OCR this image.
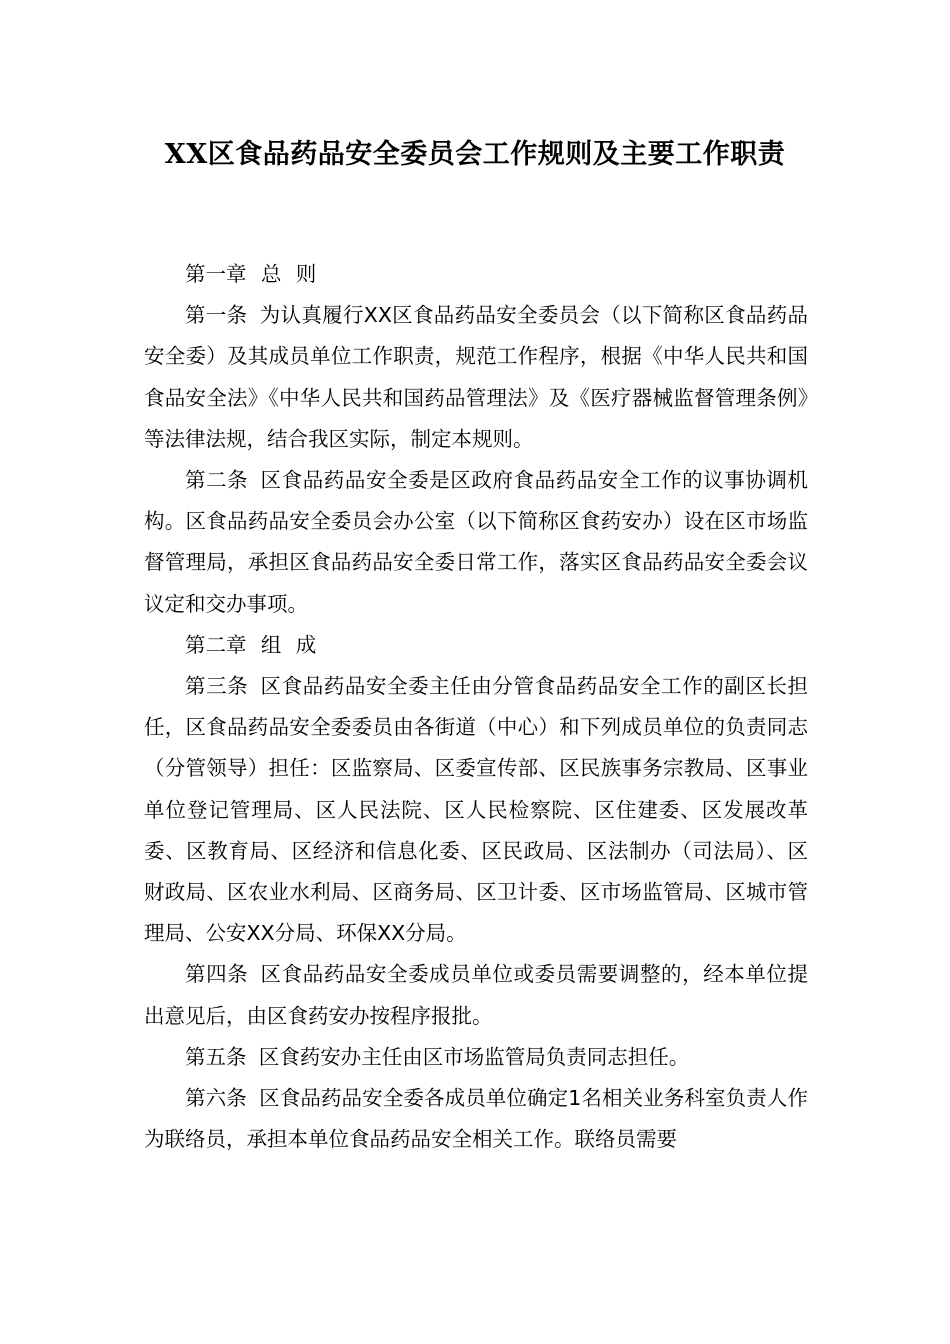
XX区食品药品安全委员会工作规则及主要工作职责

第一章 总 则

第一条 为认真履行XX区食品药品安全委员会（以下简称区食品药品安全委）及其成员单位工作职责，规范工作程序，根据《中华人民共和国食品安全法》《中华人民共和国药品管理法》及《医疗器械监督管理条例》等法律法规，结合我区实际，制定本规则。

第二条 区食品药品安全委是区政府食品药品安全工作的议事协调机构。区食品药品安全委员会办公室（以下简称区食药安办）设在区市场监督管理局，承担区食品药品安全委日常工作，落实区食品药品安全委会议议定和交办事项。

第二章 组 成

第三条 区食品药品安全委主任由分管食品药品安全工作的副区长担任，区食品药品安全委委员由各街道（中心）和下列成员单位的负责同志（分管领导）担任：区监察局、区委宣传部、区民族事务宗教局、区事业单位登记管理局、区人民法院、区人民检察院、区住建委、区发展改革委、区教育局、区经济和信息化委、区民政局、区法制办（司法局）、区财政局、区农业水利局、区商务局、区卫计委、区市场监管局、区城市管理局、公安XX分局、环保XX分局。

第四条 区食品药品安全委成员单位或委员需要调整的，经本单位提出意见后，由区食药安办按程序报批。

第五条 区食药安办主任由区市场监管局负责同志担任。

第六条 区食品药品安全委各成员单位确定1名相关业务科室负责人作为联络员，承担本单位食品药品安全相关工作。联络员需要
